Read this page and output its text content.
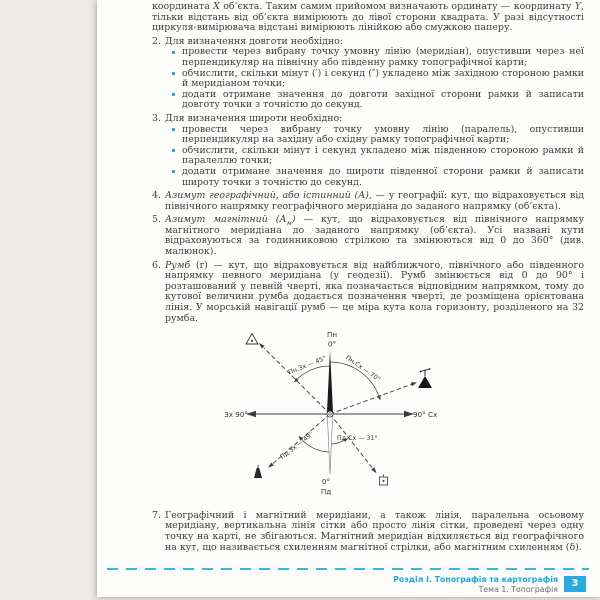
координата X об’єкта. Таким самим прийомом визначають ординату — координату Y, тільки відстань від об’єкта вимірюють до лівої сторони квадрата. У разі відсутності циркуля-вимірювача відстані вимірюють лінійкою або смужкою паперу.

2. Для визначення довготи необхідно:
провести через вибрану точку умовну лінію (меридіан), опустивши через неї перпендикуляр на північну або південну рамку топографічної карти;
обчислити, скільки мінут (′) і секунд (″) укладено між західною стороною рамки й меридіаном точки;
додати отримане значення до довготи західної сторони рамки й записати довготу точки з точністю до секунд.
3. Для визначення широти необхідно:
провести через вибрану точку умовну лінію (паралель), опустивши перпендикуляр на західну або східну рамку топографічної карти;
обчислити, скільки мінут і секунд укладено між південною стороною рамки й паралеллю точки;
додати отримане значення до широти південної сторони рамки й записати широту точки з точністю до секунд.
4. Азимут географічний, або істинний (А), — у географії: кут, що відраховується від північного напрямку географічного меридіана до заданого напрямку (об’єкта).
5. Азимут магнітний $(А_м)$ — кут, що відраховується від північного напрямку магнітного меридіана до заданого напрямку (об’єкта). Усі названі кути відраховуються за годинниковою стрілкою та змінюються від 0 до 360° (див. малюнок).
6. Румб (r) — кут, що відраховується від найближчого, північного або південного напрямку певного меридіана (у геодезії). Румб змінюється від 0 до 90° і розташований у певній чверті, яка позначається відповідним напрямком, тому до кутової величини румба додається позначення чверті, де розміщена орієнтована лінія. У морській навігації румб — це міра кута кола горизонту, розділеного на 32 румба.
Пн
0°
0°
Пд
Зх 90°	90° Сх
Пн.Зх — 45°	Пн.Сх — 70°
Пд.Зх — 49°	Пд.Сх — 31°
7. Географічний і магнітний меридіани, а також лінія, паралельна осьовому меридіану, вертикальна лінія сітки або просто лінія сітки, проведені через одну точку на карті, не збігаються. Магнітний меридіан відхиляється від географічного на кут, що називається схиленням магнітної стрілки, або магнітним схиленням (δ).
Розділ I. Топографія та картографія
Тема 1. Топографія	3
